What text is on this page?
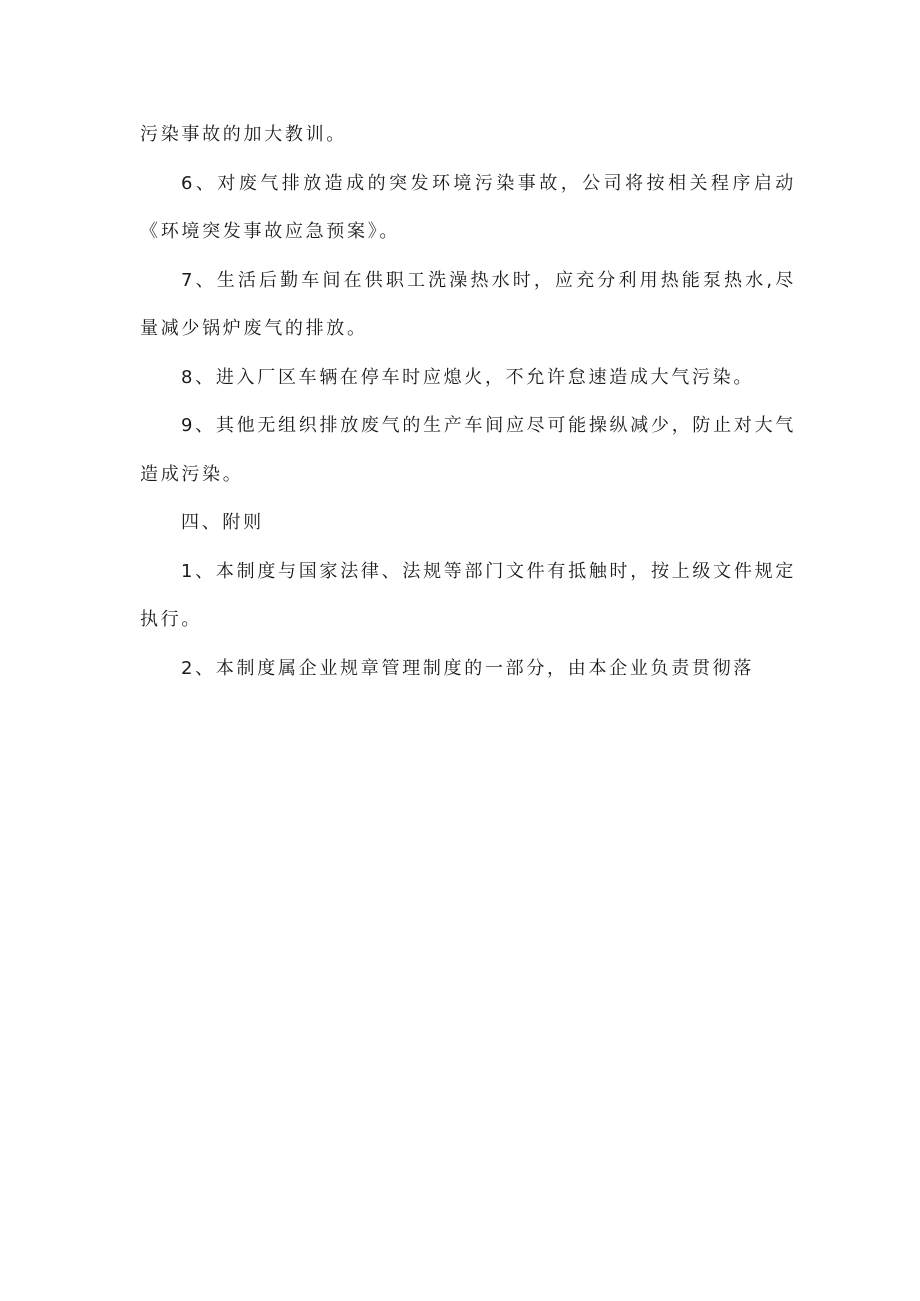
污染事故的加大教训。

6、对废气排放造成的突发环境污染事故，公司将按相关程序启动《环境突发事故应急预案》。

7、生活后勤车间在供职工洗澡热水时，应充分利用热能泵热水,尽量减少锅炉废气的排放。

8、进入厂区车辆在停车时应熄火，不允许怠速造成大气污染。

9、其他无组织排放废气的生产车间应尽可能操纵减少，防止对大气造成污染。

四、附则

1、本制度与国家法律、法规等部门文件有抵触时，按上级文件规定执行。

2、本制度属企业规章管理制度的一部分，由本企业负责贯彻落
